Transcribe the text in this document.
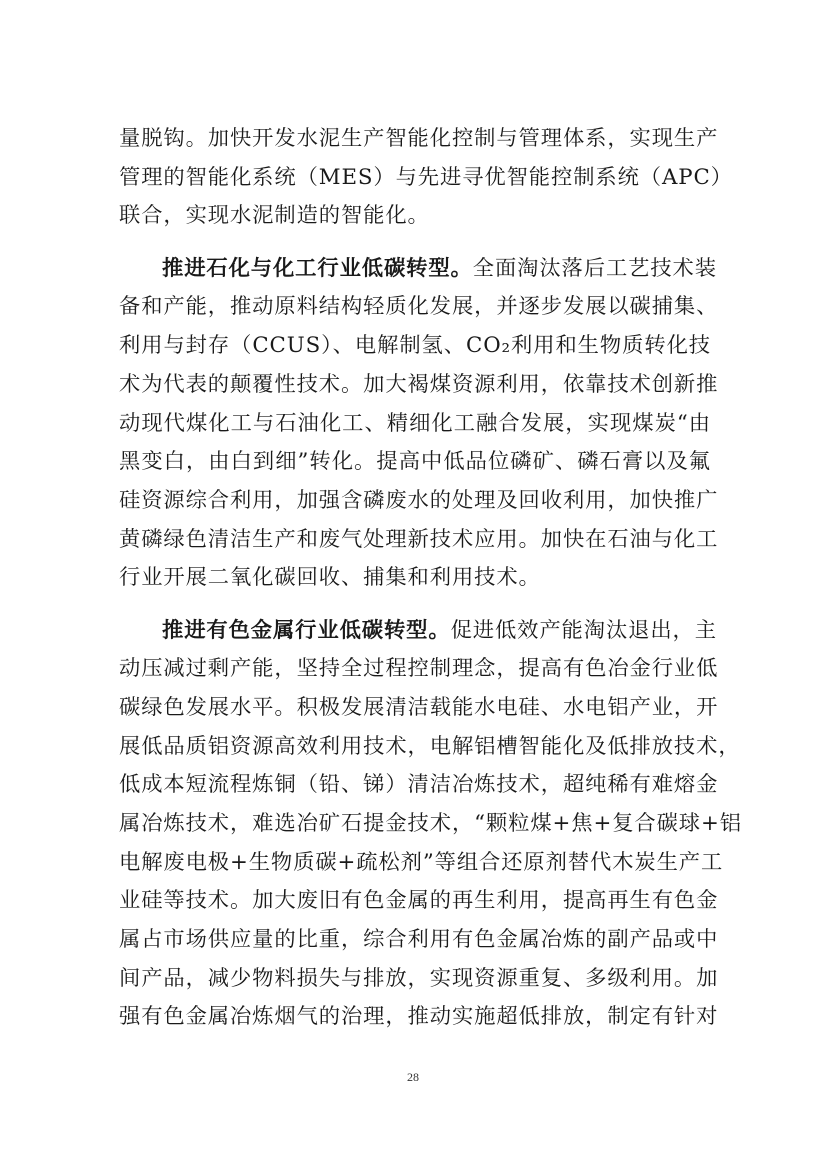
量脱钩。加快开发水泥生产智能化控制与管理体系，实现生产
管理的智能化系统（MES）与先进寻优智能控制系统（APC）
联合，实现水泥制造的智能化。
推进石化与化工行业低碳转型。全面淘汰落后工艺技术装
备和产能，推动原料结构轻质化发展，并逐步发展以碳捕集、
利用与封存（CCUS）、电解制氢、CO₂利用和生物质转化技
术为代表的颠覆性技术。加大褐煤资源利用，依靠技术创新推
动现代煤化工与石油化工、精细化工融合发展，实现煤炭“由
黑变白，由白到细”转化。提高中低品位磷矿、磷石膏以及氟
硅资源综合利用，加强含磷废水的处理及回收利用，加快推广
黄磷绿色清洁生产和废气处理新技术应用。加快在石油与化工
行业开展二氧化碳回收、捕集和利用技术。
推进有色金属行业低碳转型。促进低效产能淘汰退出，主
动压减过剩产能，坚持全过程控制理念，提高有色冶金行业低
碳绿色发展水平。积极发展清洁载能水电硅、水电铝产业，开
展低品质铝资源高效利用技术，电解铝槽智能化及低排放技术，
低成本短流程炼铜（铅、锑）清洁冶炼技术，超纯稀有难熔金
属冶炼技术，难选冶矿石提金技术，“颗粒煤+焦+复合碳球+铝
电解废电极+生物质碳+疏松剂”等组合还原剂替代木炭生产工
业硅等技术。加大废旧有色金属的再生利用，提高再生有色金
属占市场供应量的比重，综合利用有色金属冶炼的副产品或中
间产品，减少物料损失与排放，实现资源重复、多级利用。加
强有色金属冶炼烟气的治理，推动实施超低排放，制定有针对
28
